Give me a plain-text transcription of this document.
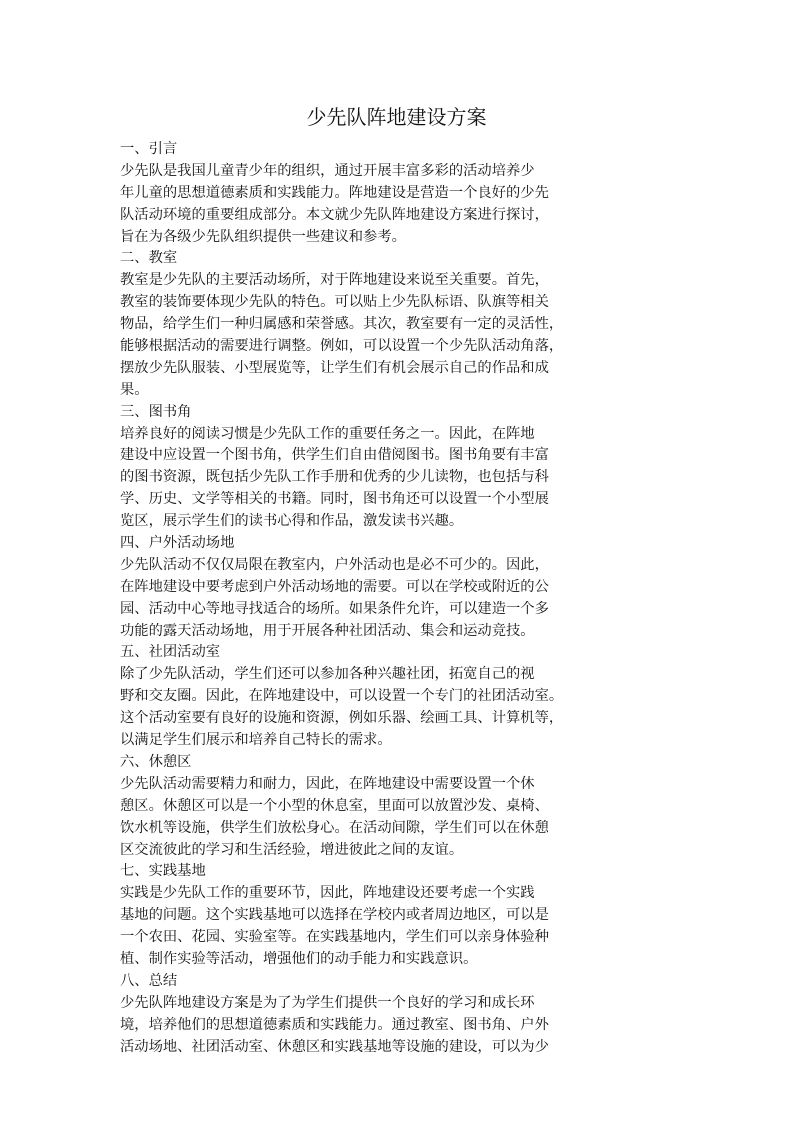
少先队阵地建设方案
一、引言
少先队是我国儿童青少年的组织，通过开展丰富多彩的活动培养少
年儿童的思想道德素质和实践能力。阵地建设是营造一个良好的少先
队活动环境的重要组成部分。本文就少先队阵地建设方案进行探讨，
旨在为各级少先队组织提供一些建议和参考。
二、教室
教室是少先队的主要活动场所，对于阵地建设来说至关重要。首先，
教室的装饰要体现少先队的特色。可以贴上少先队标语、队旗等相关
物品，给学生们一种归属感和荣誉感。其次，教室要有一定的灵活性，
能够根据活动的需要进行调整。例如，可以设置一个少先队活动角落，
摆放少先队服装、小型展览等，让学生们有机会展示自己的作品和成
果。
三、图书角
培养良好的阅读习惯是少先队工作的重要任务之一。因此，在阵地
建设中应设置一个图书角，供学生们自由借阅图书。图书角要有丰富
的图书资源，既包括少先队工作手册和优秀的少儿读物，也包括与科
学、历史、文学等相关的书籍。同时，图书角还可以设置一个小型展
览区，展示学生们的读书心得和作品，激发读书兴趣。
四、户外活动场地
少先队活动不仅仅局限在教室内，户外活动也是必不可少的。因此，
在阵地建设中要考虑到户外活动场地的需要。可以在学校或附近的公
园、活动中心等地寻找适合的场所。如果条件允许，可以建造一个多
功能的露天活动场地，用于开展各种社团活动、集会和运动竞技。
五、社团活动室
除了少先队活动，学生们还可以参加各种兴趣社团，拓宽自己的视
野和交友圈。因此，在阵地建设中，可以设置一个专门的社团活动室。
这个活动室要有良好的设施和资源，例如乐器、绘画工具、计算机等，
以满足学生们展示和培养自己特长的需求。
六、休憩区
少先队活动需要精力和耐力，因此，在阵地建设中需要设置一个休
憩区。休憩区可以是一个小型的休息室，里面可以放置沙发、桌椅、
饮水机等设施，供学生们放松身心。在活动间隙，学生们可以在休憩
区交流彼此的学习和生活经验，增进彼此之间的友谊。
七、实践基地
实践是少先队工作的重要环节，因此，阵地建设还要考虑一个实践
基地的问题。这个实践基地可以选择在学校内或者周边地区，可以是
一个农田、花园、实验室等。在实践基地内，学生们可以亲身体验种
植、制作实验等活动，增强他们的动手能力和实践意识。
八、总结
少先队阵地建设方案是为了为学生们提供一个良好的学习和成长环
境，培养他们的思想道德素质和实践能力。通过教室、图书角、户外
活动场地、社团活动室、休憩区和实践基地等设施的建设，可以为少
